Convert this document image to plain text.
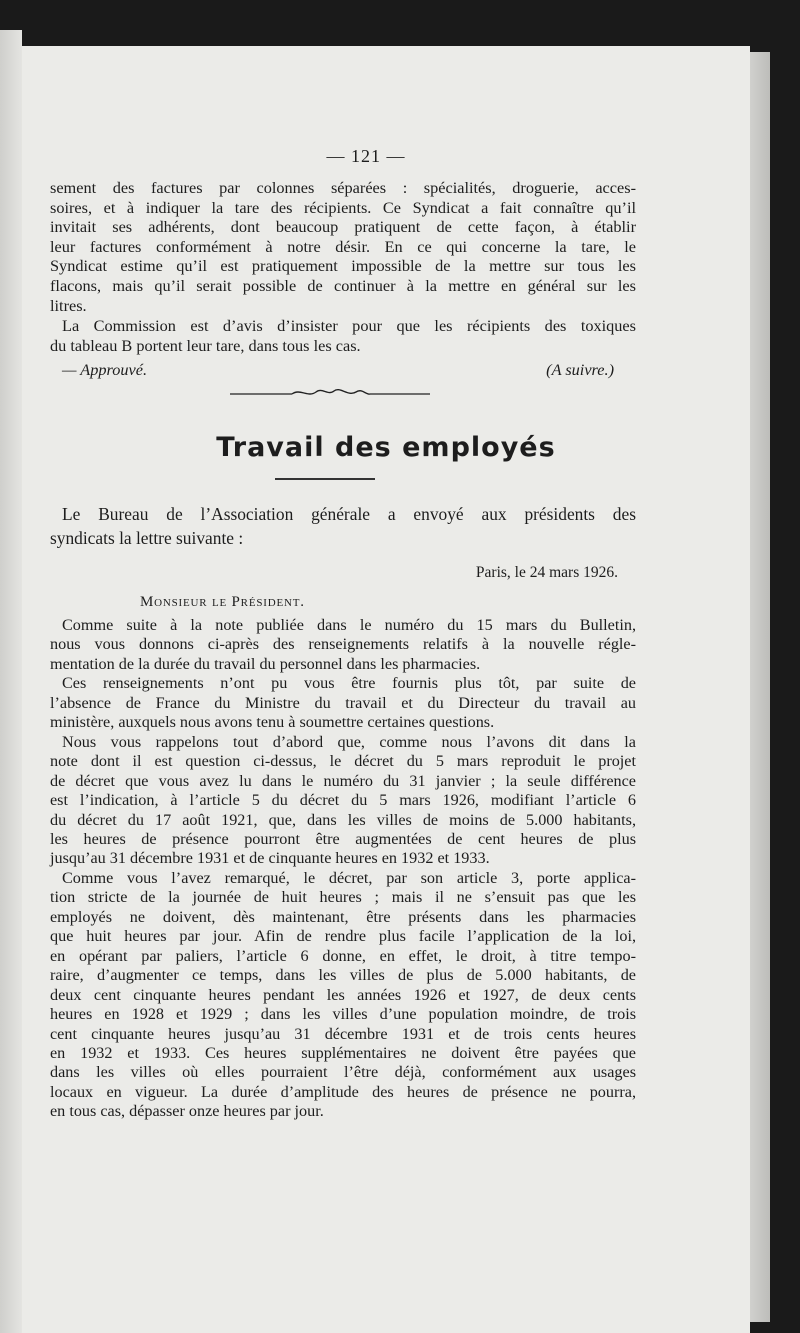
— 121 —
sement des factures par colonnes séparées : spécialités, droguerie, acces-
soires, et à indiquer la tare des récipients. Ce Syndicat a fait connaître qu’il
invitait ses adhérents, dont beaucoup pratiquent de cette façon, à établir
leur factures conformément à notre désir. En ce qui concerne la tare, le
Syndicat estime qu’il est pratiquement impossible de la mettre sur tous les
flacons, mais qu’il serait possible de continuer à la mettre en général sur les
litres.
La Commission est d’avis d’insister pour que les récipients des toxiques
du tableau B portent leur tare, dans tous les cas.
— Approuvé.	(A suivre.)
Travail des employés
Le Bureau de l’Association générale a envoyé aux présidents des
syndicats la lettre suivante :
Paris, le 24 mars 1926.
Monsieur le Président.

Comme suite à la note publiée dans le numéro du 15 mars du Bulletin,
nous vous donnons ci-après des renseignements relatifs à la nouvelle régle-
mentation de la durée du travail du personnel dans les pharmacies.

Ces renseignements n’ont pu vous être fournis plus tôt, par suite de
l’absence de France du Ministre du travail et du Directeur du travail au
ministère, auxquels nous avons tenu à soumettre certaines questions.

Nous vous rappelons tout d’abord que, comme nous l’avons dit dans la
note dont il est question ci-dessus, le décret du 5 mars reproduit le projet
de décret que vous avez lu dans le numéro du 31 janvier ; la seule différence
est l’indication, à l’article 5 du décret du 5 mars 1926, modifiant l’article 6
du décret du 17 août 1921, que, dans les villes de moins de 5.000 habitants,
les heures de présence pourront être augmentées de cent heures de plus
jusqu’au 31 décembre 1931 et de cinquante heures en 1932 et 1933.

Comme vous l’avez remarqué, le décret, par son article 3, porte applica-
tion stricte de la journée de huit heures ; mais il ne s’ensuit pas que les
employés ne doivent, dès maintenant, être présents dans les pharmacies
que huit heures par jour. Afin de rendre plus facile l’application de la loi,
en opérant par paliers, l’article 6 donne, en effet, le droit, à titre tempo-
raire, d’augmenter ce temps, dans les villes de plus de 5.000 habitants, de
deux cent cinquante heures pendant les années 1926 et 1927, de deux cents
heures en 1928 et 1929 ; dans les villes d’une population moindre, de trois
cent cinquante heures jusqu’au 31 décembre 1931 et de trois cents heures
en 1932 et 1933. Ces heures supplémentaires ne doivent être payées que
dans les villes où elles pourraient l’être déjà, conformément aux usages
locaux en vigueur. La durée d’amplitude des heures de présence ne pourra,
en tous cas, dépasser onze heures par jour.
